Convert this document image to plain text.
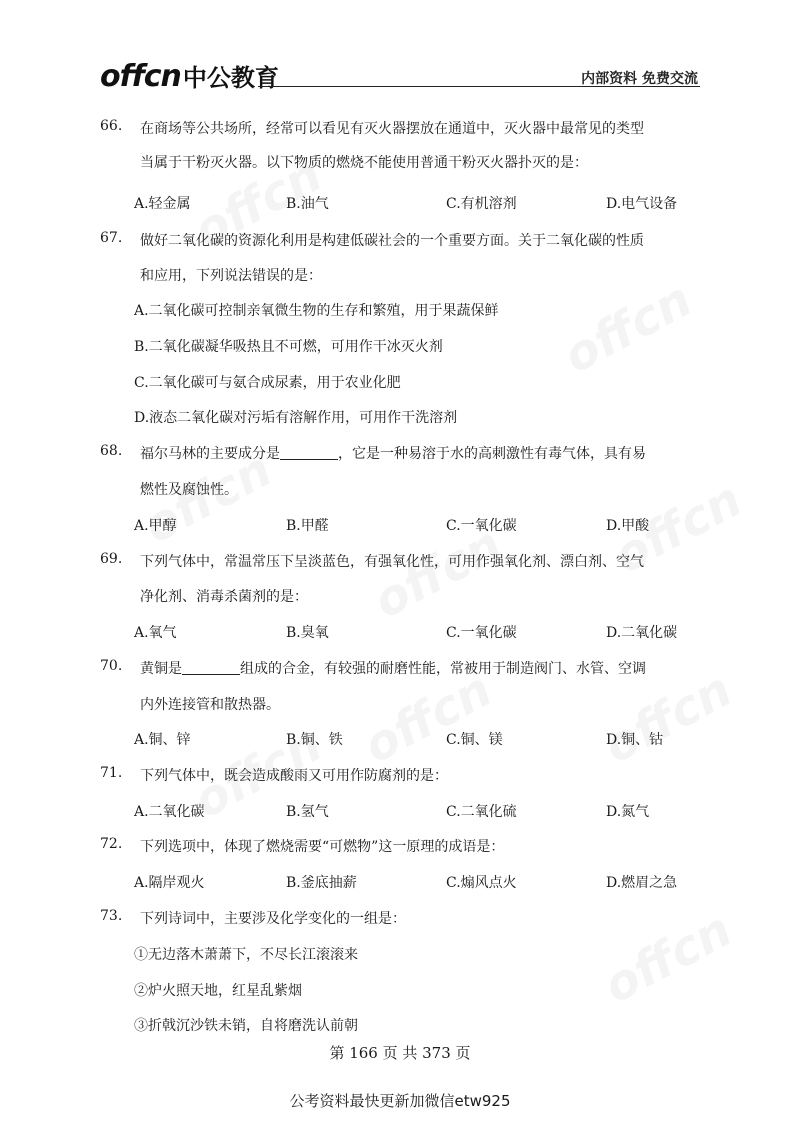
offcn中公教育	内部资料 免费交流
66. 在商场等公共场所，经常可以看见有灭火器摆放在通道中，灭火器中最常见的类型
当属于干粉灭火器。以下物质的燃烧不能使用普通干粉灭火器扑灭的是：
A.轻金属	B.油气	C.有机溶剂	D.电气设备
67. 做好二氧化碳的资源化利用是构建低碳社会的一个重要方面。关于二氧化碳的性质
和应用，下列说法错误的是：
A.二氧化碳可控制亲氧微生物的生存和繁殖，用于果蔬保鲜
B.二氧化碳凝华吸热且不可燃，可用作干冰灭火剂
C.二氧化碳可与氨合成尿素，用于农业化肥
D.液态二氧化碳对污垢有溶解作用，可用作干洗溶剂
68. 福尔马林的主要成分是	，它是一种易溶于水的高刺激性有毒气体，具有易
燃性及腐蚀性。
A.甲醇	B.甲醛	C.一氧化碳	D.甲酸
69. 下列气体中，常温常压下呈淡蓝色，有强氧化性，可用作强氧化剂、漂白剂、空气
净化剂、消毒杀菌剂的是：
A.氧气	B.臭氧	C.一氧化碳	D.二氧化碳
70. 黄铜是	组成的合金，有较强的耐磨性能，常被用于制造阀门、水管、空调
内外连接管和散热器。
A.铜、锌	B.铜、铁	C.铜、镁	D.铜、钴
71. 下列气体中，既会造成酸雨又可用作防腐剂的是：
A.二氧化碳	B.氢气	C.二氧化硫	D.氮气
72. 下列选项中，体现了燃烧需要“可燃物”这一原理的成语是：
A.隔岸观火	B.釜底抽薪	C.煽风点火	D.燃眉之急
73. 下列诗词中，主要涉及化学变化的一组是：
①无边落木萧萧下，不尽长江滚滚来
②炉火照天地，红星乱紫烟
③折戟沉沙铁未销，自将磨洗认前朝
第 166 页 共 373 页
公考资料最快更新加微信etw925
